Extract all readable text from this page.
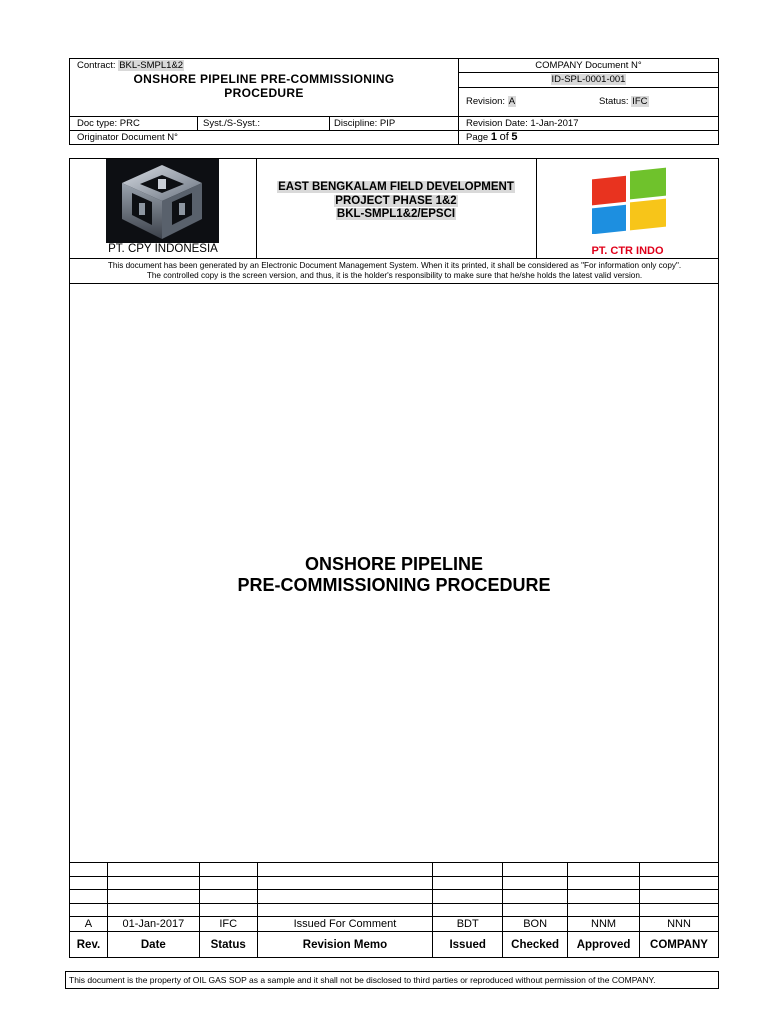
Contract: BKL-SMPL1&2
ONSHORE PIPELINE PRE-COMMISSIONING
PROCEDURE
COMPANY Document N°
ID-SPL-0001-001
Revision: A	Status: IFC
Doc type: PRC	Syst./S-Syst.:	Discipline: PIP	Revision Date: 1-Jan-2017
Originator Document N°	Page 1 of 5
PT. CPY INDONESIA
EAST BENGKALAM FIELD DEVELOPMENT
PROJECT PHASE 1&2
BKL-SMPL1&2/EPSCI
PT. CTR INDO
This document has been generated by an Electronic Document Management System. When it its printed, it shall be considered as "For information only copy".
The controlled copy is the screen version, and thus, it is the holder's responsibility to make sure that he/she holds the latest valid version.
ONSHORE PIPELINE
PRE-COMMISSIONING PROCEDURE

A	01-Jan-2017	IFC	Issued For Comment	BDT	BON	NNM	NNN
Rev.	Date	Status	Revision Memo	Issued	Checked	Approved	COMPANY
This document is the property of OIL GAS SOP as a sample and it shall not be disclosed to third parties or reproduced without permission of the COMPANY.
